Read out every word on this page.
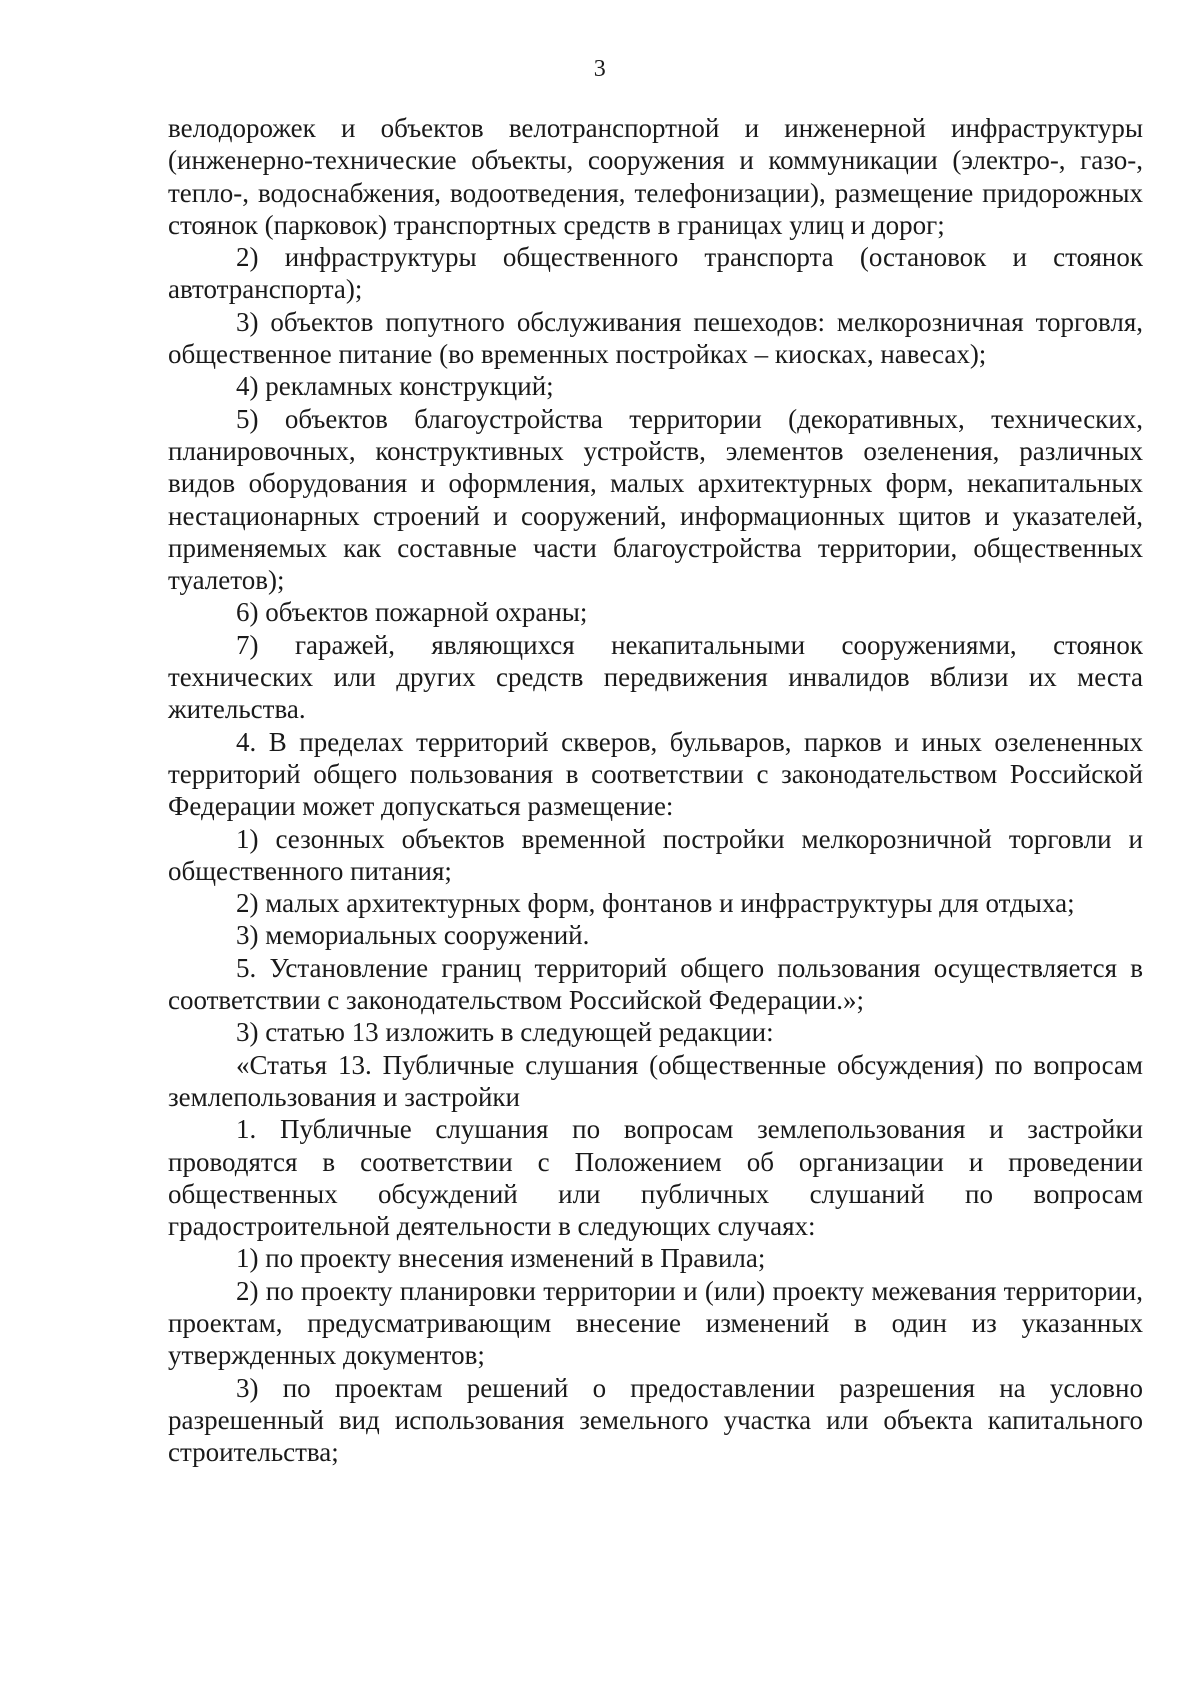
3

велодорожек и объектов велотранспортной и инженерной инфраструктуры (инженерно-технические объекты, сооружения и коммуникации (электро-, газо-, тепло-, водоснабжения, водоотведения, телефонизации), размещение придорожных стоянок (парковок) транспортных средств в границах улиц и дорог;

2) инфраструктуры общественного транспорта (остановок и стоянок автотранспорта);

3) объектов попутного обслуживания пешеходов: мелкорозничная торговля, общественное питание (во временных постройках – киосках, навесах);

4) рекламных конструкций;

5) объектов благоустройства территории (декоративных, технических, планировочных, конструктивных устройств, элементов озеленения, различных видов оборудования и оформления, малых архитектурных форм, некапитальных нестационарных строений и сооружений, информационных щитов и указателей, применяемых как составные части благоустройства территории, общественных туалетов);

6) объектов пожарной охраны;

7) гаражей, являющихся некапитальными сооружениями, стоянок технических или других средств передвижения инвалидов вблизи их места жительства.

4. В пределах территорий скверов, бульваров, парков и иных озелененных территорий общего пользования в соответствии с законодательством Российской Федерации может допускаться размещение:

1) сезонных объектов временной постройки мелкорозничной торговли и общественного питания;

2) малых архитектурных форм, фонтанов и инфраструктуры для отдыха;

3) мемориальных сооружений.

5. Установление границ территорий общего пользования осуществляется в соответствии с законодательством Российской Федерации.»;

3) статью 13 изложить в следующей редакции:

«Статья 13. Публичные слушания (общественные обсуждения) по вопросам землепользования и застройки

1. Публичные слушания по вопросам землепользования и застройки проводятся в соответствии с Положением об организации и проведении общественных обсуждений или публичных слушаний по вопросам градостроительной деятельности в следующих случаях:

1) по проекту внесения изменений в Правила;

2) по проекту планировки территории и (или) проекту межевания территории, проектам, предусматривающим внесение изменений в один из указанных утвержденных документов;

3) по проектам решений о предоставлении разрешения на условно разрешенный вид использования земельного участка или объекта капитального строительства;
